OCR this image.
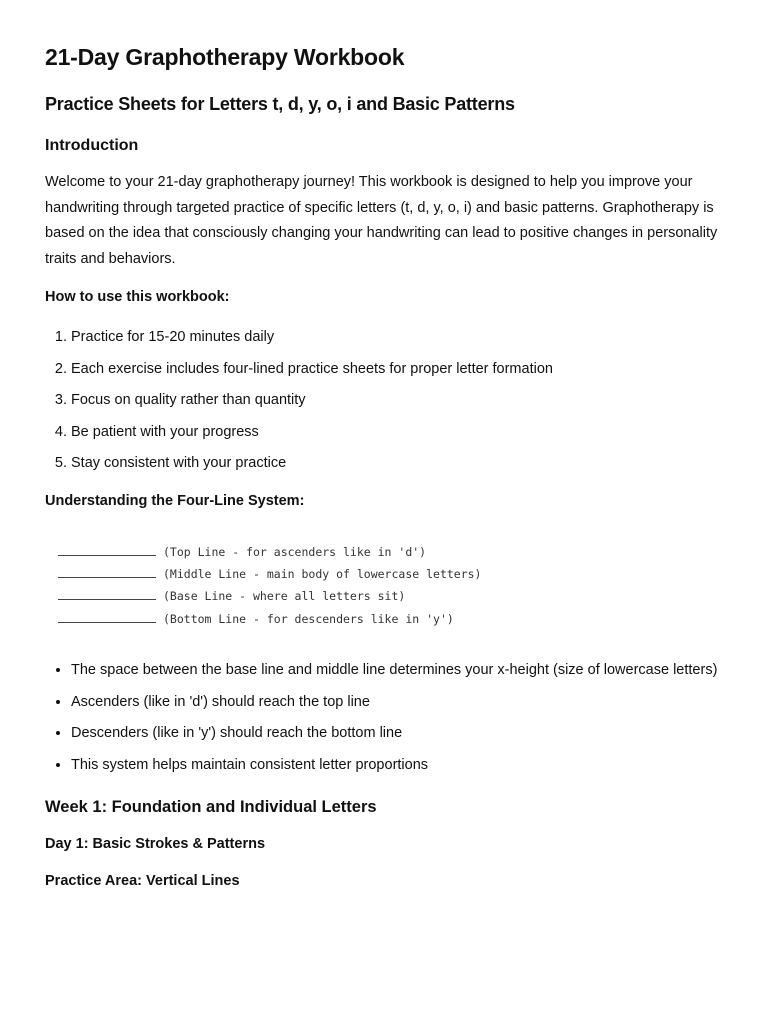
21-Day Graphotherapy Workbook
Practice Sheets for Letters t, d, y, o, i and Basic Patterns
Introduction

Welcome to your 21-day graphotherapy journey! This workbook is designed to help you improve your handwriting through targeted practice of specific letters (t, d, y, o, i) and basic patterns. Graphotherapy is based on the idea that consciously changing your handwriting can lead to positive changes in personality traits and behaviors.

How to use this workbook:
1. Practice for 15-20 minutes daily
2. Each exercise includes four-lined practice sheets for proper letter formation
3. Focus on quality rather than quantity
4. Be patient with your progress
5. Stay consistent with your practice
Understanding the Four-Line System:
(Top Line - for ascenders like in 'd')
(Middle Line - main body of lowercase letters)
(Base Line - where all letters sit)
(Bottom Line - for descenders like in 'y')
• The space between the base line and middle line determines your x-height (size of lowercase letters)
• Ascenders (like in 'd') should reach the top line
• Descenders (like in 'y') should reach the bottom line
• This system helps maintain consistent letter proportions
Week 1: Foundation and Individual Letters
Day 1: Basic Strokes & Patterns
Practice Area: Vertical Lines
